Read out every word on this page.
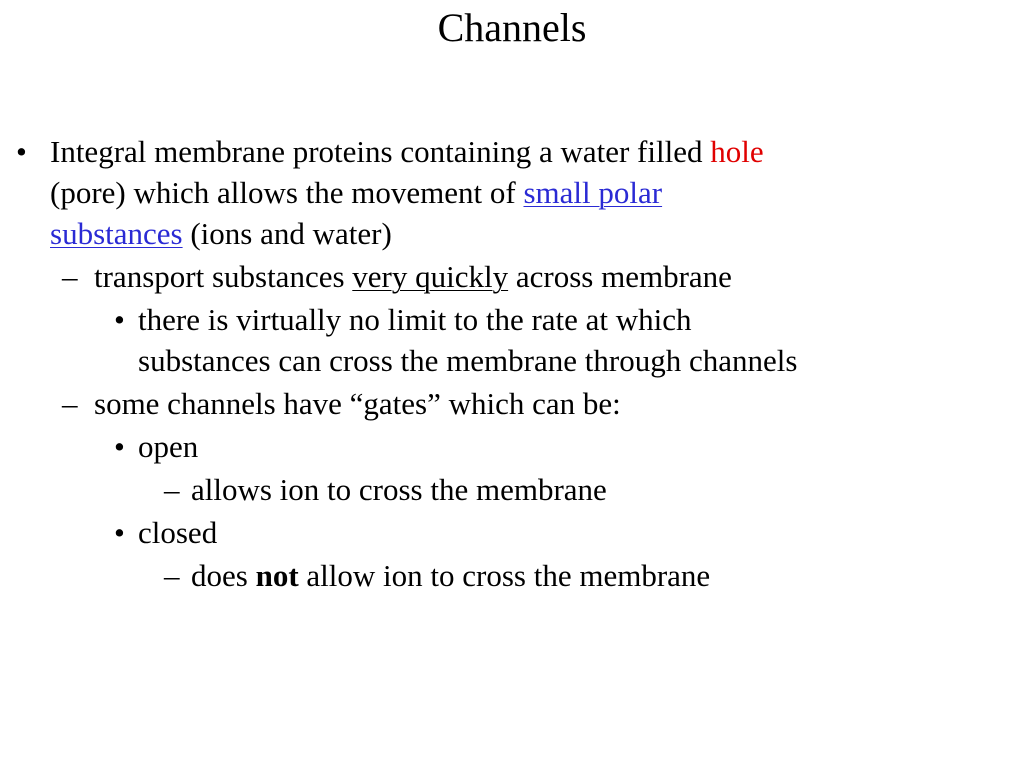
Channels
• Integral membrane proteins containing a water filled hole
(pore) which allows the movement of small polar
substances (ions and water)
– transport substances very quickly across membrane
• there is virtually no limit to the rate at which
substances can cross the membrane through channels
– some channels have “gates” which can be:
• open
– allows ion to cross the membrane
• closed
– does not allow ion to cross the membrane
